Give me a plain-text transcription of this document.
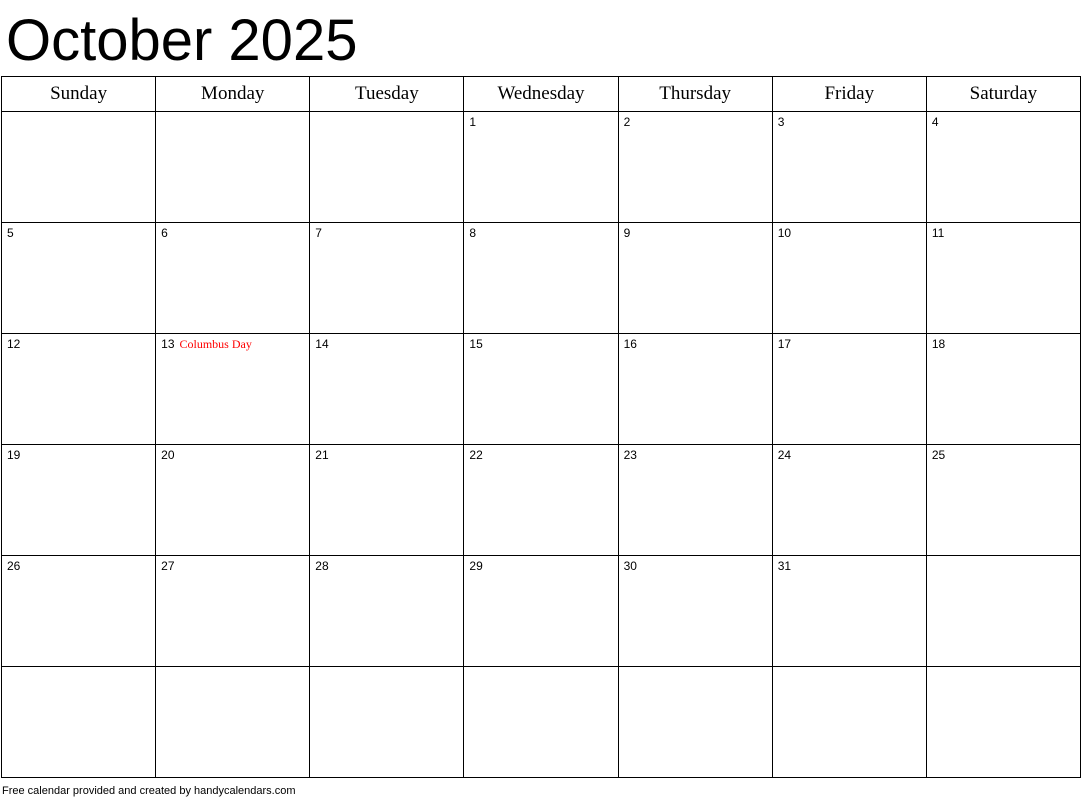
October 2025
Sunday	Monday	Tuesday	Wednesday	Thursday	Friday	Saturday

			1	2	3	4

5	6	7	8	9	10	11

12	13 Columbus Day	14	15	16	17	18

19	20	21	22	23	24	25

26	27	28	29	30	31	

Free calendar provided and created by handycalendars.com
